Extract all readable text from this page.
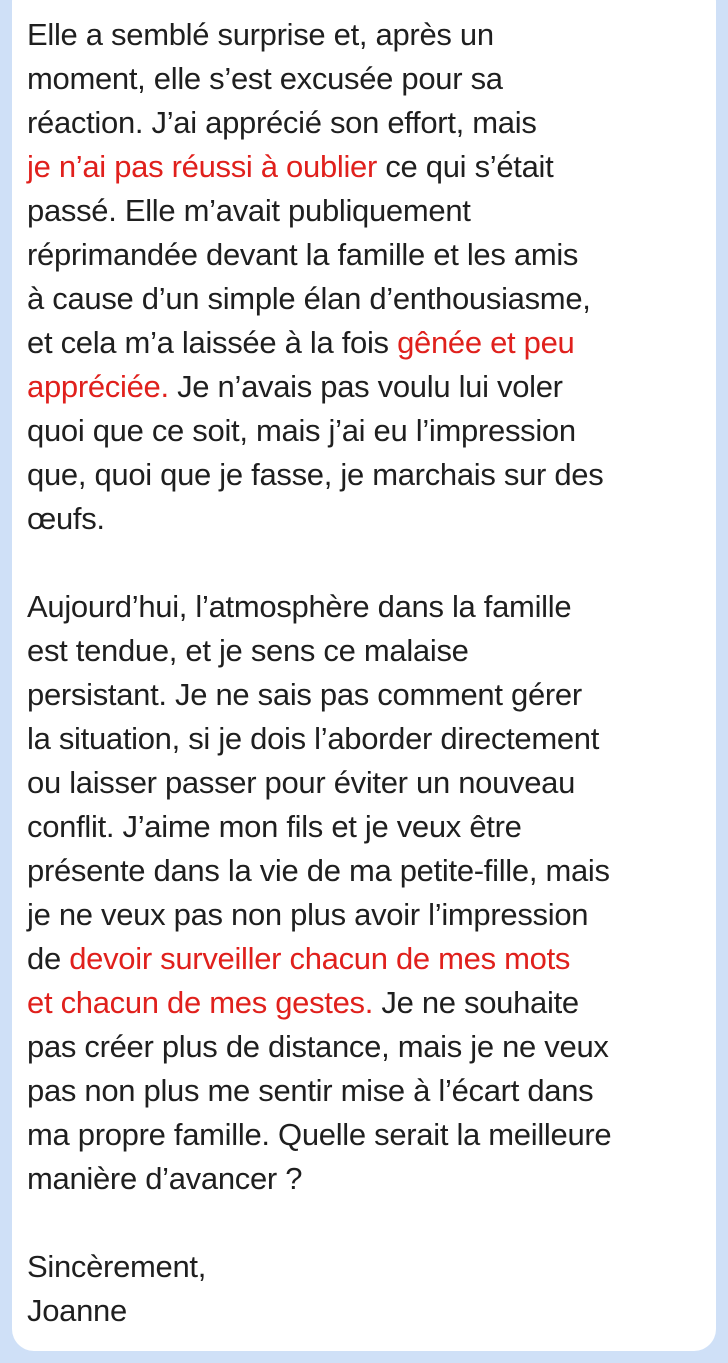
Elle a semblé surprise et, après un
moment, elle s’est excusée pour sa
réaction. J’ai apprécié son effort, mais
je n’ai pas réussi à oublier ce qui s’était
passé. Elle m’avait publiquement
réprimandée devant la famille et les amis
à cause d’un simple élan d’enthousiasme,
et cela m’a laissée à la fois gênée et peu
appréciée. Je n’avais pas voulu lui voler
quoi que ce soit, mais j’ai eu l’impression
que, quoi que je fasse, je marchais sur des
œufs.
Aujourd’hui, l’atmosphère dans la famille
est tendue, et je sens ce malaise
persistant. Je ne sais pas comment gérer
la situation, si je dois l’aborder directement
ou laisser passer pour éviter un nouveau
conflit. J’aime mon fils et je veux être
présente dans la vie de ma petite-fille, mais
je ne veux pas non plus avoir l’impression
de devoir surveiller chacun de mes mots
et chacun de mes gestes. Je ne souhaite
pas créer plus de distance, mais je ne veux
pas non plus me sentir mise à l’écart dans
ma propre famille. Quelle serait la meilleure
manière d’avancer ?
Sincèrement,
Joanne
